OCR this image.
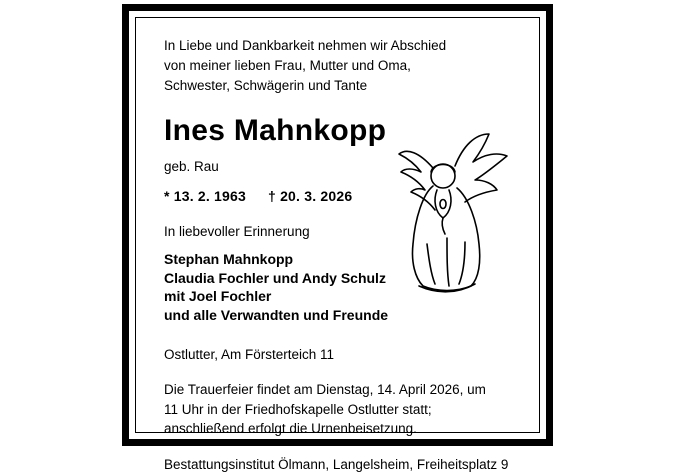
In Liebe und Dankbarkeit nehmen wir Abschied
von meiner lieben Frau, Mutter und Oma,
Schwester, Schwägerin und Tante
Ines Mahnkopp
geb. Rau
* 13. 2. 1963 † 20. 3. 2026
In liebevoller Erinnerung
Stephan Mahnkopp
Claudia Fochler und Andy Schulz
mit Joel Fochler
und alle Verwandten und Freunde
Ostlutter, Am Försterteich 11
Die Trauerfeier findet am Dienstag, 14. April 2026, um
11 Uhr in der Friedhofskapelle Ostlutter statt;
anschließend erfolgt die Urnenbeisetzung.
Bestattungsinstitut Ölmann, Langelsheim, Freiheitsplatz 9
